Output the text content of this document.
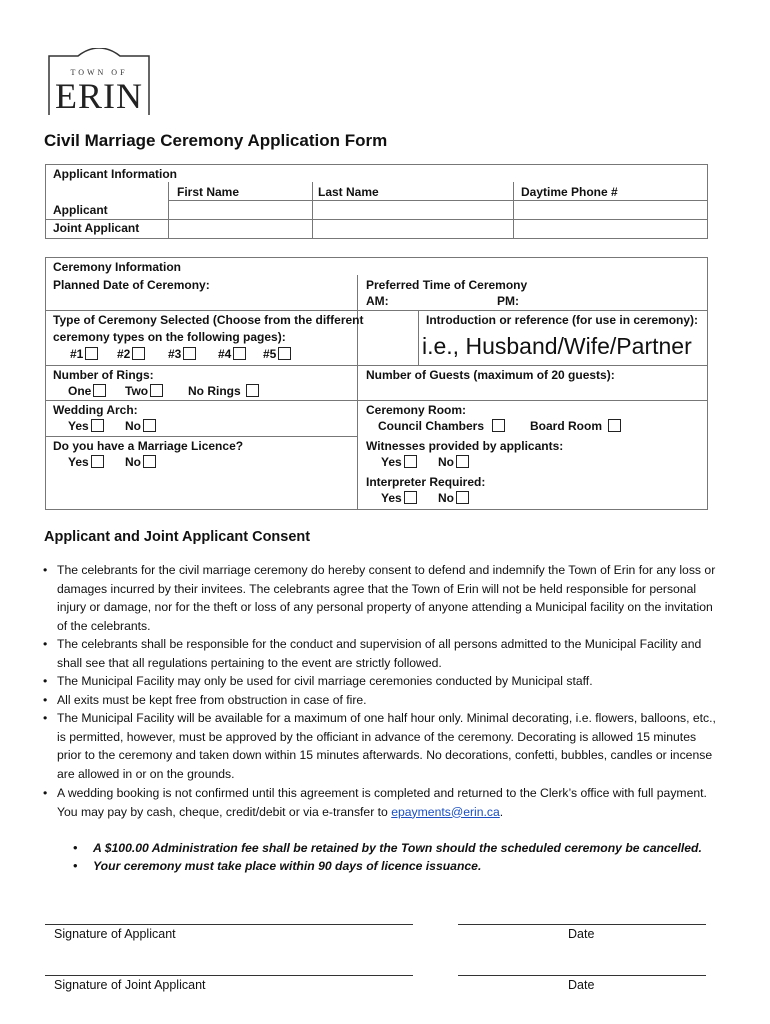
TOWN OF
ERIN
Civil Marriage Ceremony Application Form
Applicant Information
First Name	Last Name	Daytime Phone #
Applicant
Joint Applicant
Ceremony Information
Planned Date of Ceremony:	Preferred Time of Ceremony
AM:	PM:
Type of Ceremony Selected (Choose from the different
ceremony types on the following pages):
#1	#2	#3	#4	#5
Introduction or reference (for use in ceremony):
i.e., Husband/Wife/Partner
Number of Rings:
One	Two	No Rings
Number of Guests (maximum of 20 guests):
Wedding Arch:
Yes	No
Ceremony Room:
Council Chambers	Board Room
Do you have a Marriage Licence?
Yes	No
Witnesses provided by applicants:
Yes	No
Interpreter Required:
Yes	No
Applicant and Joint Applicant Consent
• The celebrants for the civil marriage ceremony do hereby consent to defend and indemnify the Town of Erin for any loss or damages incurred by their invitees. The celebrants agree that the Town of Erin will not be held responsible for personal injury or damage, nor for the theft or loss of any personal property of anyone attending a Municipal facility on the invitation of the celebrants.
• The celebrants shall be responsible for the conduct and supervision of all persons admitted to the Municipal Facility and shall see that all regulations pertaining to the event are strictly followed.
• The Municipal Facility may only be used for civil marriage ceremonies conducted by Municipal staff.
• All exits must be kept free from obstruction in case of fire.
• The Municipal Facility will be available for a maximum of one half hour only. Minimal decorating, i.e. flowers, balloons, etc., is permitted, however, must be approved by the officiant in advance of the ceremony. Decorating is allowed 15 minutes prior to the ceremony and taken down within 15 minutes afterwards. No decorations, confetti, bubbles, candles or incense are allowed in or on the grounds.
• A wedding booking is not confirmed until this agreement is completed and returned to the Clerk’s office with full payment. You may pay by cash, cheque, credit/debit or via e-transfer to epayments@erin.ca.
• A $100.00 Administration fee shall be retained by the Town should the scheduled ceremony be cancelled.
• Your ceremony must take place within 90 days of licence issuance.
Signature of Applicant	Date
Signature of Joint Applicant	Date
